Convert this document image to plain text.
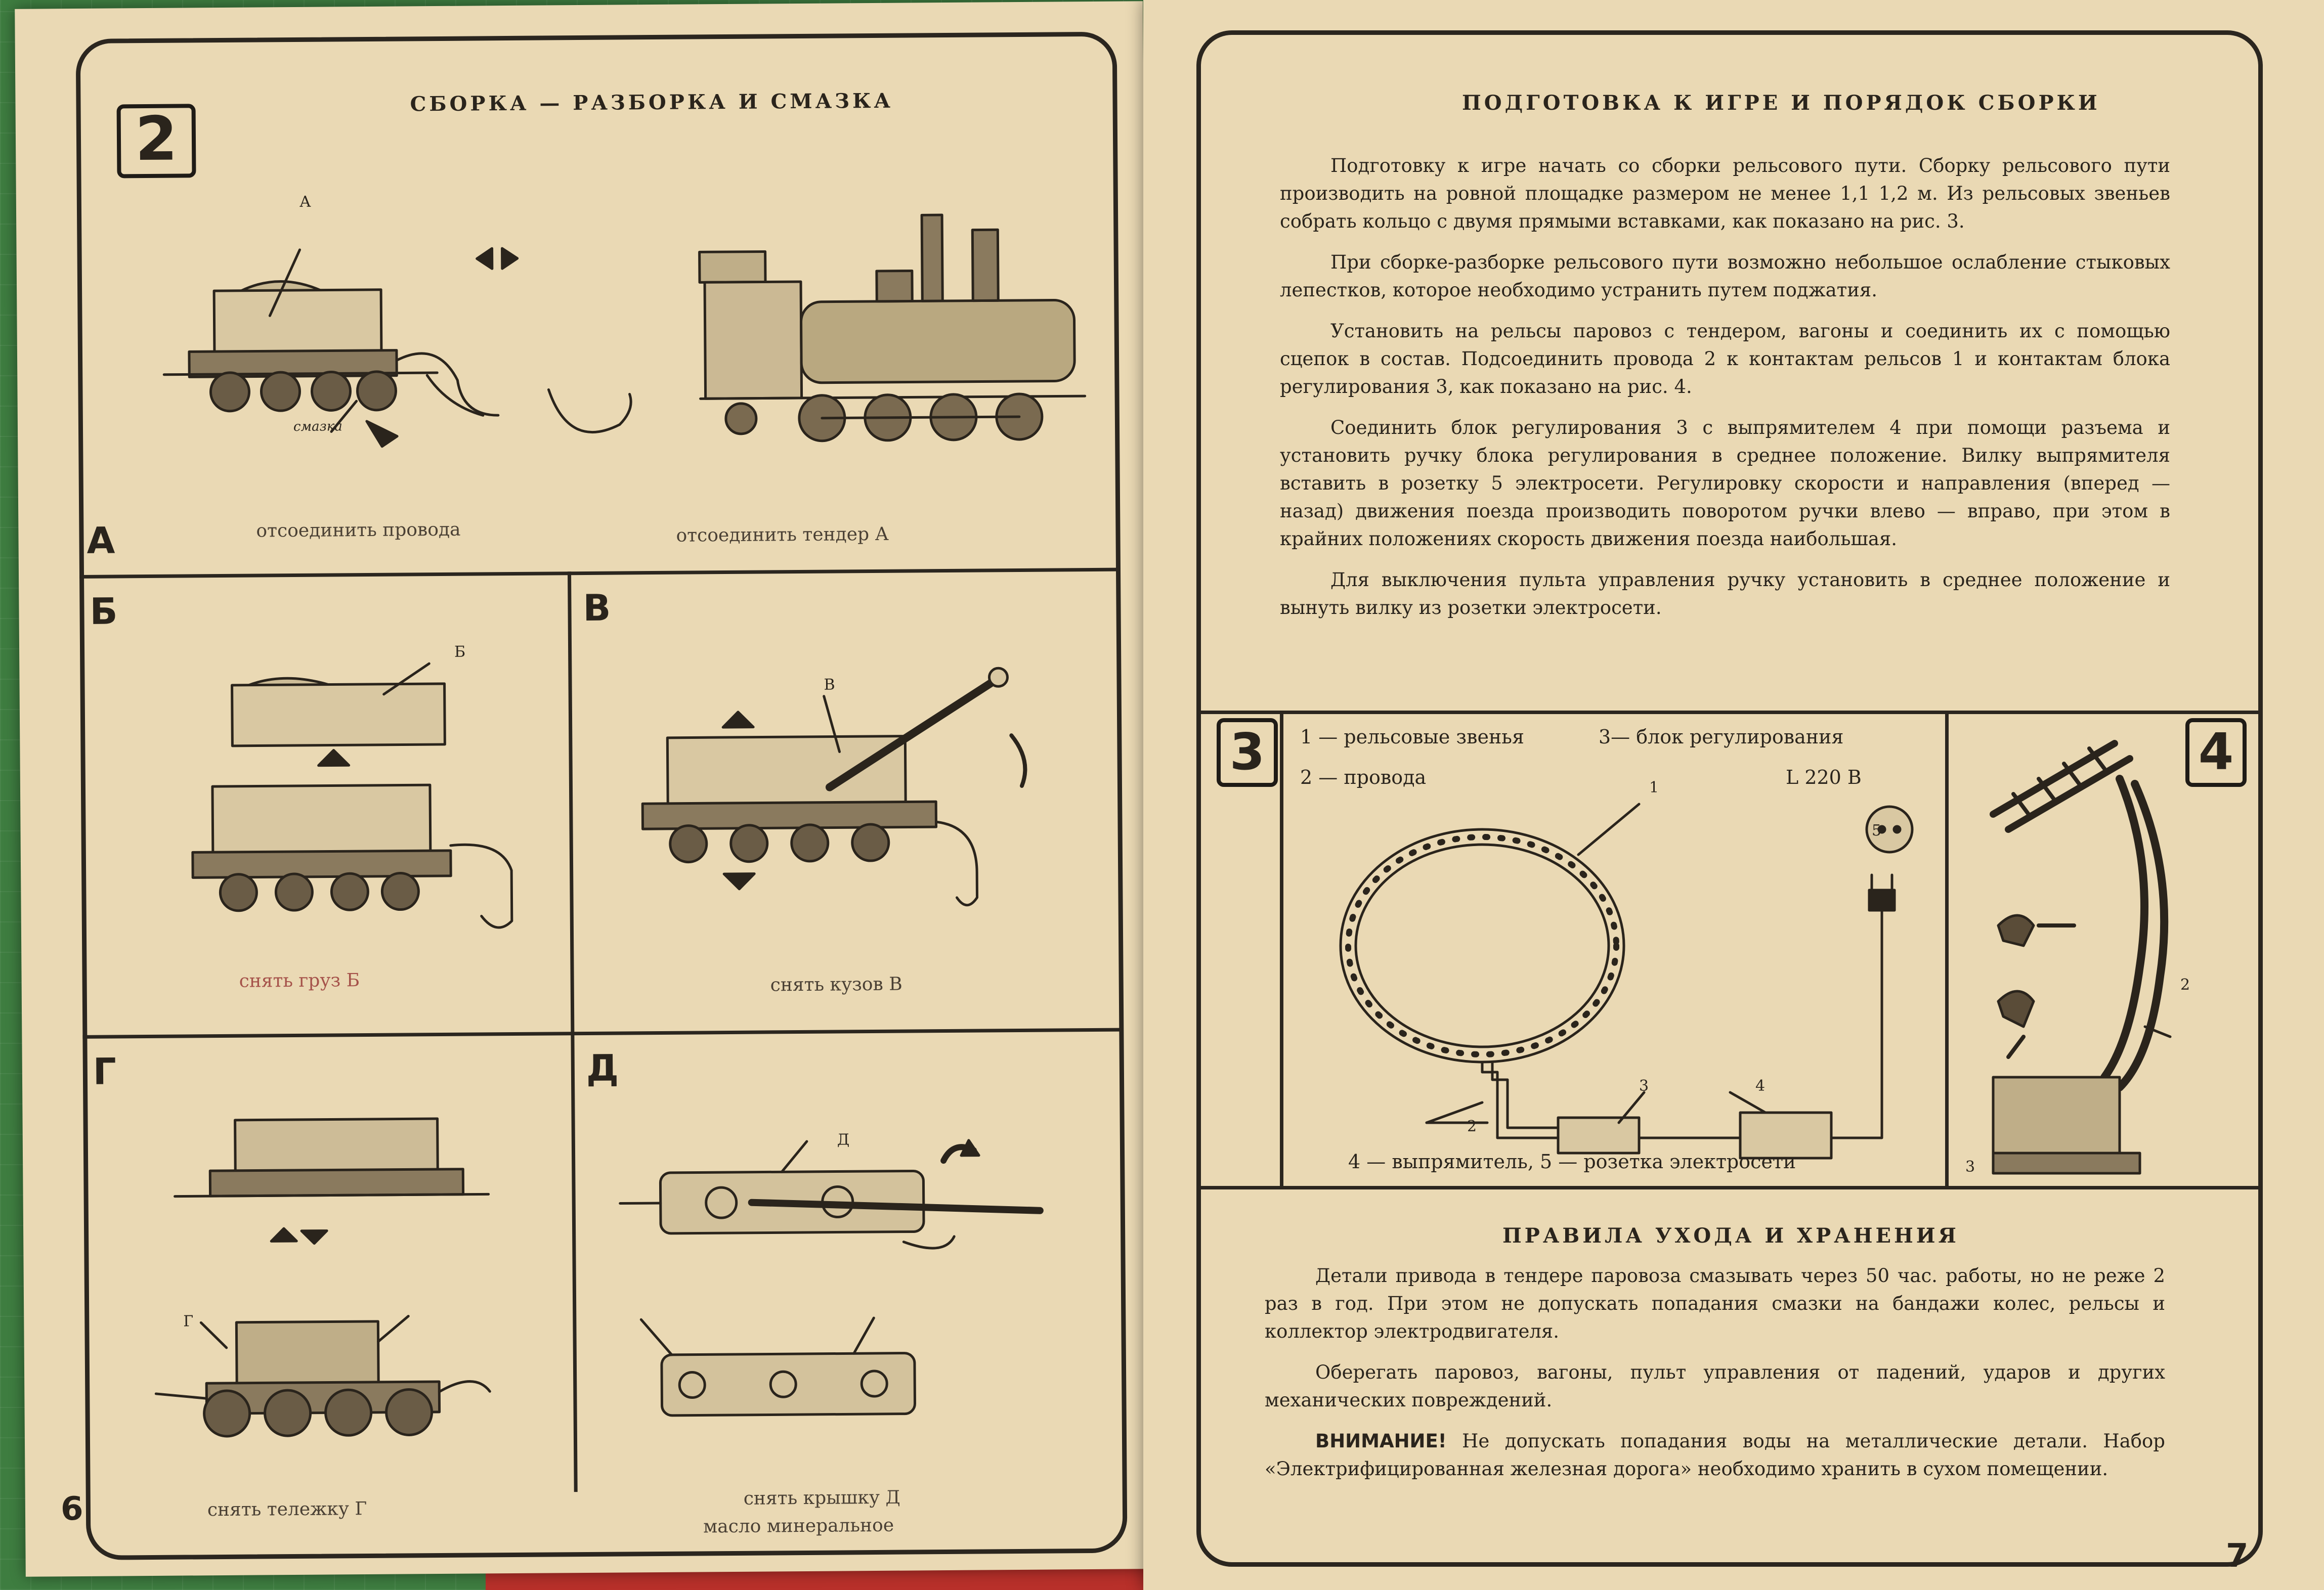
2
СБОРКА — РАЗБОРКА И СМАЗКА
А
смазка
отсоединить провода	отсоединить тендер А
А
Б
Б
снять груз Б
В
В
снять кузов В
Г
Г
снять тележку Г
6
Д
Д
снять крышку Д
масло минеральное
ПОДГОТОВКА К ИГРЕ И ПОРЯДОК СБОРКИ

Подготовку к игре начать со сборки рельсового пути. Сборку рельсового пути производить на ровной площадке размером не менее 1,1 1,2 м. Из рельсовых звеньев собрать кольцо с двумя прямыми вставками, как показано на рис. 3.

При сборке-разборке рельсового пути возможно небольшое ослабление стыковых лепестков, которое необходимо устранить путем поджатия.

Установить на рельсы паровоз с тендером, вагоны и соединить их с помощью сцепок в состав. Подсоединить провода 2 к контактам рельсов 1 и контактам блока регулирования 3, как показано на рис. 4.

Соединить блок регулирования 3 с выпрямителем 4 при помощи разъема и установить ручку блока регулирования в среднее положение. Вилку выпрямителя вставить в розетку 5 электросети. Регулировку скорости и направления (вперед — назад) движения поезда производить поворотом ручки влево — вправо, при этом в крайних положениях скорость движения поезда наибольшая.

Для выключения пульта управления ручку установить в среднее положение и вынуть вилку из розетки электросети.

3	4
1 — рельсовые звенья	3— блок регулирования
2 — провода	L 220 В
1
5
3	4
2
4 — выпрямитель, 5 — розетка электросети
2
3
ПРАВИЛА УХОДА И ХРАНЕНИЯ

Детали привода в тендере паровоза смазывать через 50 час. работы, но не реже 2 раз в год. При этом не допускать попадания смазки на бандажи колес, рельсы и коллектор электродвигателя.

Оберегать паровоз, вагоны, пульт управления от падений, ударов и других механических повреждений.

ВНИМАНИЕ! Не допускать попадания воды на металлические детали. Набор «Электрифицированная железная дорога» необходимо хранить в сухом помещении.

7
